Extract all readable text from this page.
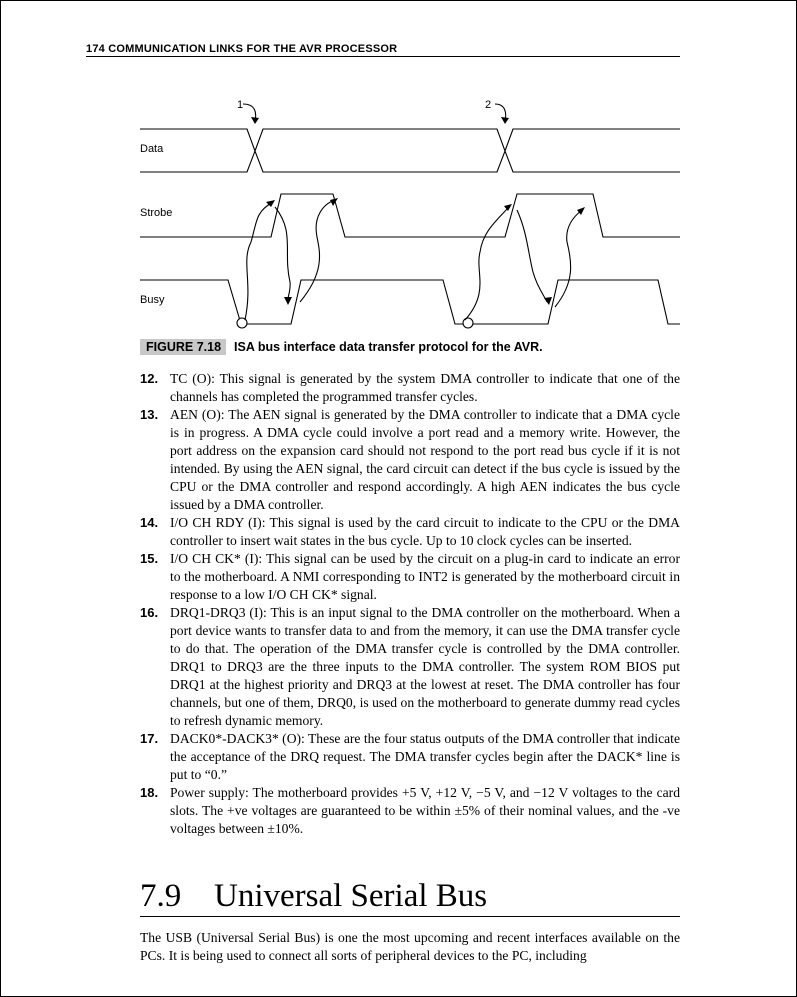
174 COMMUNICATION LINKS FOR THE AVR PROCESSOR
1	2
Data
Strobe
Busy
FIGURE 7.18 ISA bus interface data transfer protocol for the AVR.
12. TC (O): This signal is generated by the system DMA controller to indicate that one of the channels has completed the programmed transfer cycles.
13. AEN (O): The AEN signal is generated by the DMA controller to indicate that a DMA cycle is in progress. A DMA cycle could involve a port read and a memory write. However, the port address on the expansion card should not respond to the port read bus cycle if it is not intended. By using the AEN signal, the card circuit can detect if the bus cycle is issued by the CPU or the DMA controller and respond accordingly. A high AEN indicates the bus cycle issued by a DMA controller.
14. I/O CH RDY (I): This signal is used by the card circuit to indicate to the CPU or the DMA controller to insert wait states in the bus cycle. Up to 10 clock cycles can be inserted.
15. I/O CH CK* (I): This signal can be used by the circuit on a plug-in card to indicate an error to the motherboard. A NMI corresponding to INT2 is generated by the motherboard circuit in response to a low I/O CH CK* signal.
16. DRQ1-DRQ3 (I): This is an input signal to the DMA controller on the motherboard. When a port device wants to transfer data to and from the memory, it can use the DMA transfer cycle to do that. The operation of the DMA transfer cycle is controlled by the DMA controller. DRQ1 to DRQ3 are the three inputs to the DMA controller. The system ROM BIOS put DRQ1 at the highest priority and DRQ3 at the lowest at reset. The DMA controller has four channels, but one of them, DRQ0, is used on the motherboard to generate dummy read cycles to refresh dynamic memory.
17. DACK0*-DACK3* (O): These are the four status outputs of the DMA controller that indicate the acceptance of the DRQ request. The DMA transfer cycles begin after the DACK* line is put to “0.”
18. Power supply: The motherboard provides +5 V, +12 V, −5 V, and −12 V voltages to the card slots. The +ve voltages are guaranteed to be within ±5% of their nominal values, and the -ve voltages between ±10%.
7.9 Universal Serial Bus
The USB (Universal Serial Bus) is one the most upcoming and recent interfaces available on the PCs. It is being used to connect all sorts of peripheral devices to the PC, including
